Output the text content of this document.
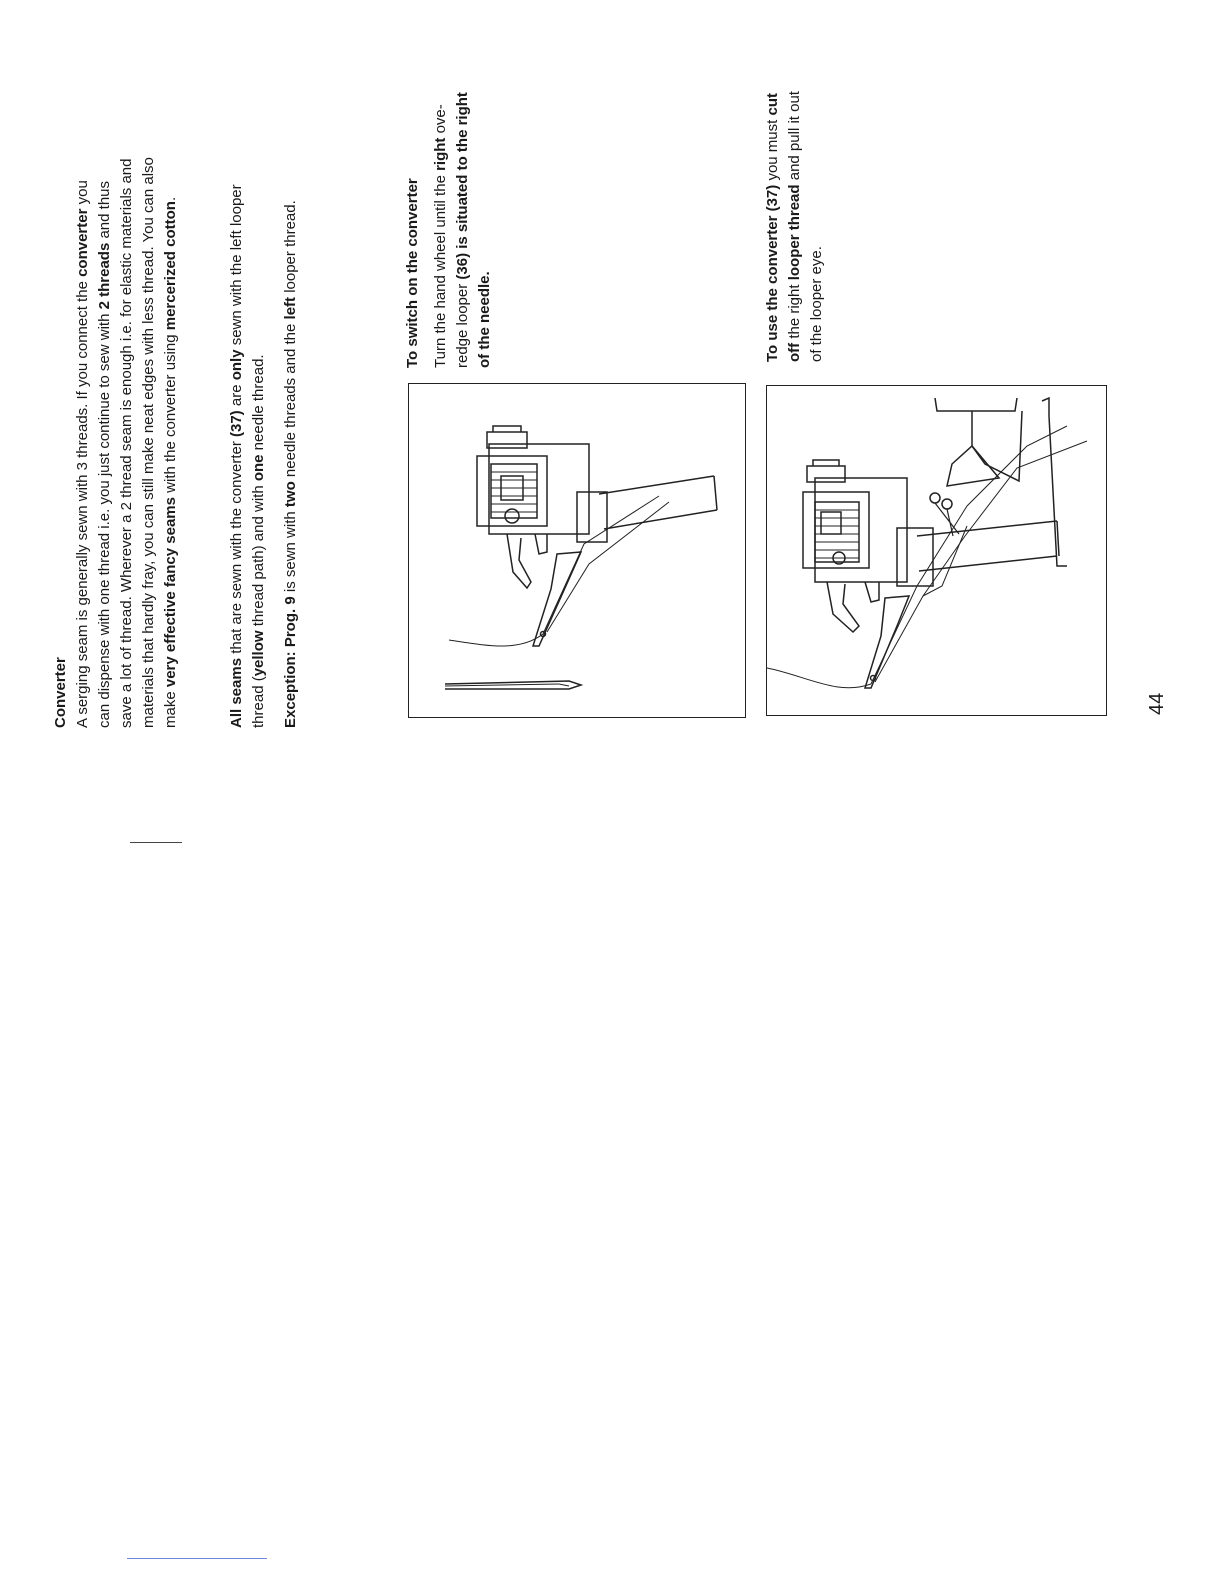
Converter A serging seam is generally sewn with 3 threads. If you connect the converter you

can dispense with one thread i.e. you just continue to sew with 2 threads and thus save a lot of thread. Wherever a 2 thread seam is enough i.e. for elastic materials and materials that hardly fray, you can still make neat edges with less thread. You can also make very effective fancy seams with the converter using mercerized cotton.

All seams that are sewn with the converter (37) are only sewn with the left looper

thread (yellow thread path) and with one needle thread.

Exception: Prog. 9 is sewn with two needle threads and the left looper thread.	To switch on the converter Turn the hand wheel until the right ove-

redge looper (36) is situated to the right

of the needle.	To use the converter (37) you must cut

off the right looper thread and pull it out

of the looper eye.

44
